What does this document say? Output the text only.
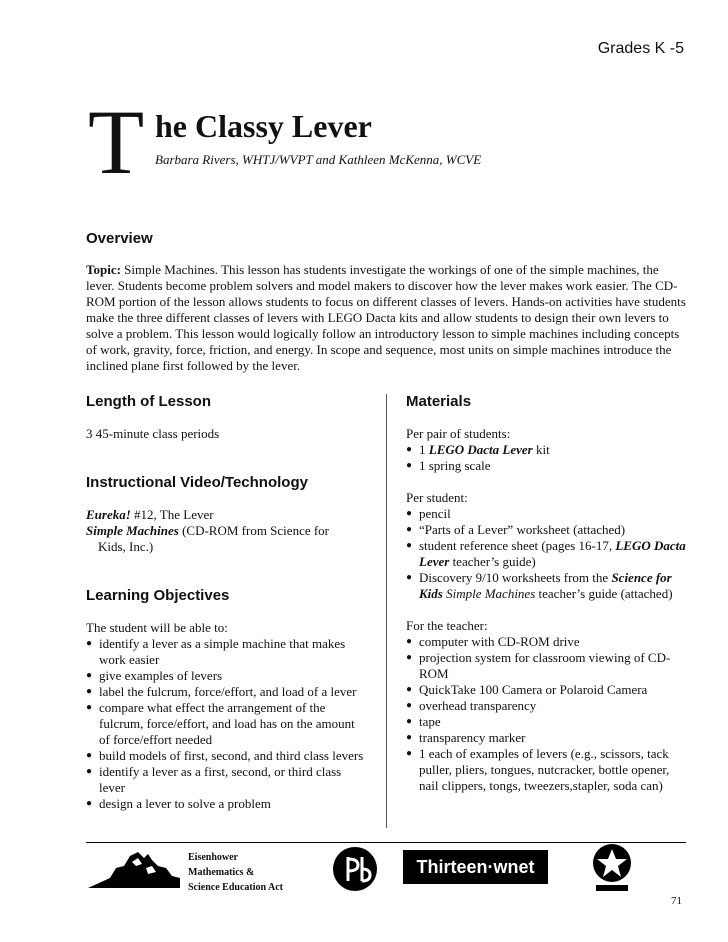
Grades K -5
T he Classy Lever
Barbara Rivers, WHTJ/WVPT and Kathleen McKenna, WCVE
Overview

Topic: Simple Machines. This lesson has students investigate the workings of one of the simple machines, the lever. Students become problem solvers and model makers to discover how the lever makes work easier. The CD-ROM portion of the lesson allows students to focus on different classes of levers. Hands-on activities have students make the three different classes of levers with LEGO Dacta kits and allow students to design their own levers to solve a problem. This lesson would logically follow an introductory lesson to simple machines including concepts of work, gravity, force, friction, and energy. In scope and sequence, most units on simple machines introduce the inclined plane first followed by the lever.

Length of Lesson
3 45-minute class periods
Instructional Video/Technology

Eureka! #12, The Lever

Simple Machines (CD-ROM from Science for Kids, Inc.)

Learning Objectives

The student will be able to:

● identify a lever as a simple machine that makes work easier
● give examples of levers
● label the fulcrum, force/effort, and load of a lever
● compare what effect the arrangement of the fulcrum, force/effort, and load has on the amount of force/effort needed
● build models of first, second, and third class levers
● identify a lever as a first, second, or third class lever
● design a lever to solve a problem
Materials

Per pair of students:

● 1 LEGO Dacta Lever kit
● 1 spring scale

Per student:

● pencil
● “Parts of a Lever” worksheet (attached)
● student reference sheet (pages 16-17, LEGO Dacta Lever teacher’s guide)
● Discovery 9/10 worksheets from the Science for Kids Simple Machines teacher’s guide (attached)

For the teacher:

● computer with CD-ROM drive
● projection system for classroom viewing of CD-ROM
● QuickTake 100 Camera or Polaroid Camera
● overhead transparency
● tape
● transparency marker
● 1 each of examples of levers (e.g., scissors, tack puller, pliers, tongues, nutcracker, bottle opener, nail clippers, tongs, tweezers,stapler, soda can)
Eisenhower
Mathematics &
Science Education Act
Thirteen·wnet
71
